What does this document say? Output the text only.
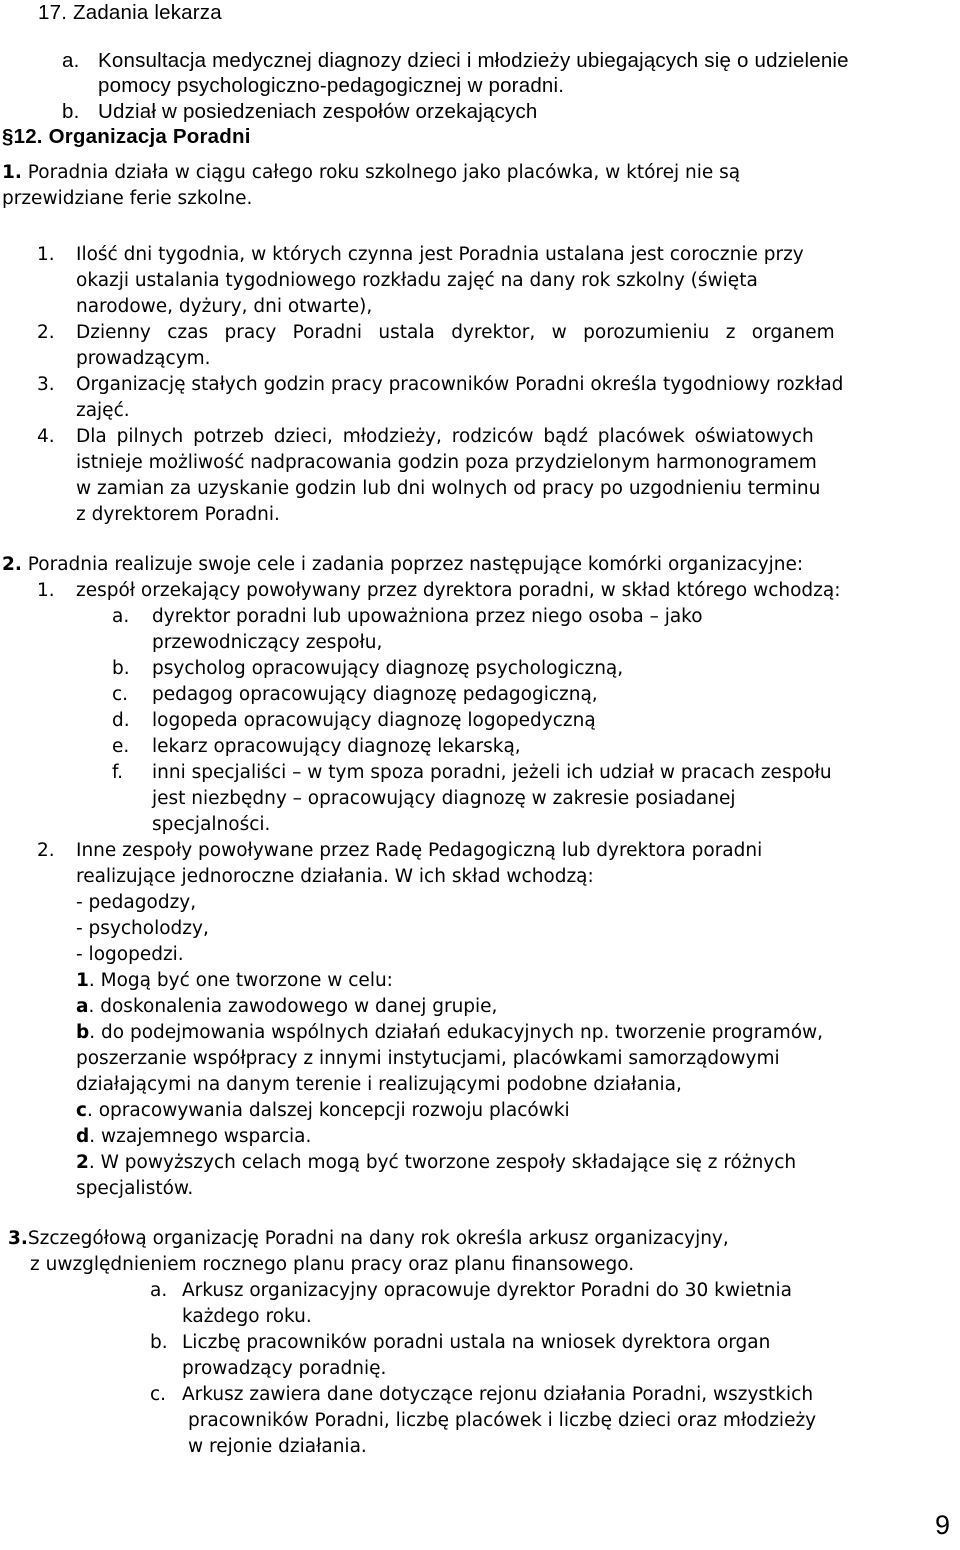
17. Zadania lekarza
a. Konsultacja medycznej diagnozy dzieci i młodzieży ubiegających się o udzielenie
pomocy psychologiczno-pedagogicznej w poradni.
b. Udział w posiedzeniach zespołów orzekających
§12. Organizacja Poradni
1. Poradnia działa w ciągu całego roku szkolnego jako placówka, w której nie są
przewidziane ferie szkolne.
1. Ilość dni tygodnia, w których czynna jest Poradnia ustalana jest corocznie przy
okazji ustalania tygodniowego rozkładu zajęć na dany rok szkolny (święta
narodowe, dyżury, dni otwarte),
2. Dzienny czas pracy Poradni ustala dyrektor, w porozumieniu z organem
prowadzącym.
3. Organizację stałych godzin pracy pracowników Poradni określa tygodniowy rozkład
zajęć.
4. Dla pilnych potrzeb dzieci, młodzieży, rodziców bądź placówek oświatowych
istnieje możliwość nadpracowania godzin poza przydzielonym harmonogramem
w zamian za uzyskanie godzin lub dni wolnych od pracy po uzgodnieniu terminu
z dyrektorem Poradni.
2. Poradnia realizuje swoje cele i zadania poprzez następujące komórki organizacyjne:
1. zespół orzekający powoływany przez dyrektora poradni, w skład którego wchodzą:
a. dyrektor poradni lub upoważniona przez niego osoba – jako
przewodniczący zespołu,
b. psycholog opracowujący diagnozę psychologiczną,
c. pedagog opracowujący diagnozę pedagogiczną,
d. logopeda opracowujący diagnozę logopedyczną
e. lekarz opracowujący diagnozę lekarską,
f. inni specjaliści – w tym spoza poradni, jeżeli ich udział w pracach zespołu
jest niezbędny – opracowujący diagnozę w zakresie posiadanej
specjalności.
2. Inne zespoły powoływane przez Radę Pedagogiczną lub dyrektora poradni
realizujące jednoroczne działania. W ich skład wchodzą:
- pedagodzy,
- psycholodzy,
- logopedzi.
1. Mogą być one tworzone w celu:
a. doskonalenia zawodowego w danej grupie,
b. do podejmowania wspólnych działań edukacyjnych np. tworzenie programów,
poszerzanie współpracy z innymi instytucjami, placówkami samorządowymi
działającymi na danym terenie i realizującymi podobne działania,
c. opracowywania dalszej koncepcji rozwoju placówki
d. wzajemnego wsparcia.
2. W powyższych celach mogą być tworzone zespoły składające się z różnych
specjalistów.
3.Szczegółową organizację Poradni na dany rok określa arkusz organizacyjny,
z uwzględnieniem rocznego planu pracy oraz planu finansowego.
a. Arkusz organizacyjny opracowuje dyrektor Poradni do 30 kwietnia
każdego roku.
b. Liczbę pracowników poradni ustala na wniosek dyrektora organ
prowadzący poradnię.
c. Arkusz zawiera dane dotyczące rejonu działania Poradni, wszystkich
pracowników Poradni, liczbę placówek i liczbę dzieci oraz młodzieży
w rejonie działania.
9
